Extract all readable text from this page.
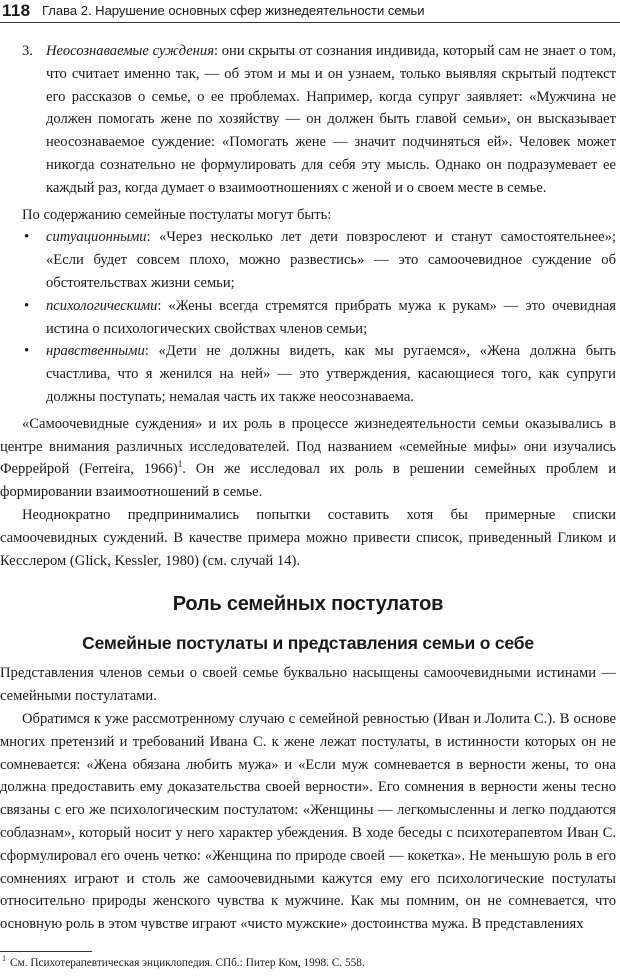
118 Глава 2. Нарушение основных сфер жизнедеятельности семьи

3. Неосознаваемые суждения: они скрыты от сознания индивида, который сам не знает о том, что считает именно так, — об этом и мы и он узнаем, только выявляя скрытый подтекст его рассказов о семье, о ее проблемах. Например, когда супруг заявляет: «Мужчина не должен помогать жене по хозяйству — он должен быть главой семьи», он высказывает неосознаваемое суждение: «Помогать жене — значит подчиняться ей». Человек может никогда сознательно не формулировать для себя эту мысль. Однако он подразумевает ее каждый раз, когда думает о взаимоотношениях с женой и о своем месте в семье.

По содержанию семейные постулаты могут быть:

• ситуационными: «Через несколько лет дети повзрослеют и станут самостоятельнее»; «Если будет совсем плохо, можно развестись» — это самоочевидное суждение об обстоятельствах жизни семьи;
• психологическими: «Жены всегда стремятся прибрать мужа к рукам» — это очевидная истина о психологических свойствах членов семьи;
• нравственными: «Дети не должны видеть, как мы ругаемся», «Жена должна быть счастлива, что я женился на ней» — это утверждения, касающиеся того, как супруги должны поступать; немалая часть их также неосознаваема.

«Самоочевидные суждения» и их роль в процессе жизнедеятельности семьи оказывались в центре внимания различных исследователей. Под названием «семейные мифы» они изучались Феррейрой (Ferreira, 1966)$^1$. Он же исследовал их роль в решении семейных проблем и формировании взаимоотношений в семье.

Неоднократно предпринимались попытки составить хотя бы примерные списки самоочевидных суждений. В качестве примера можно привести список, приведенный Гликом и Кесслером (Glick, Kessler, 1980) (см. случай 14).

Роль семейных постулатов
Семейные постулаты и представления семьи о себе

Представления членов семьи о своей семье буквально насыщены самоочевидными истинами — семейными постулатами.

Обратимся к уже рассмотренному случаю с семейной ревностью (Иван и Лолита С.). В основе многих претензий и требований Ивана С. к жене лежат постулаты, в истинности которых он не сомневается: «Жена обязана любить мужа» и «Если муж сомневается в верности жены, то она должна предоставить ему доказательства своей верности». Его сомнения в верности жены тесно связаны с его же психологическим постулатом: «Женщины — легкомысленны и легко поддаются соблазнам», который носит у него характер убеждения. В ходе беседы с психотерапевтом Иван С. сформулировал его очень четко: «Женщина по природе своей — кокетка». Не меньшую роль в его сомнениях играют и столь же самоочевидными кажутся ему его психологические постулаты относительно природы женского чувства к мужчине. Как мы помним, он не сомневается, что основную роль в этом чувстве играют «чисто мужские» достоинства мужа. В представлениях

$^1$ См. Психотерапевтическая энциклопедия. СПб.: Питер Ком, 1998. С. 558.
